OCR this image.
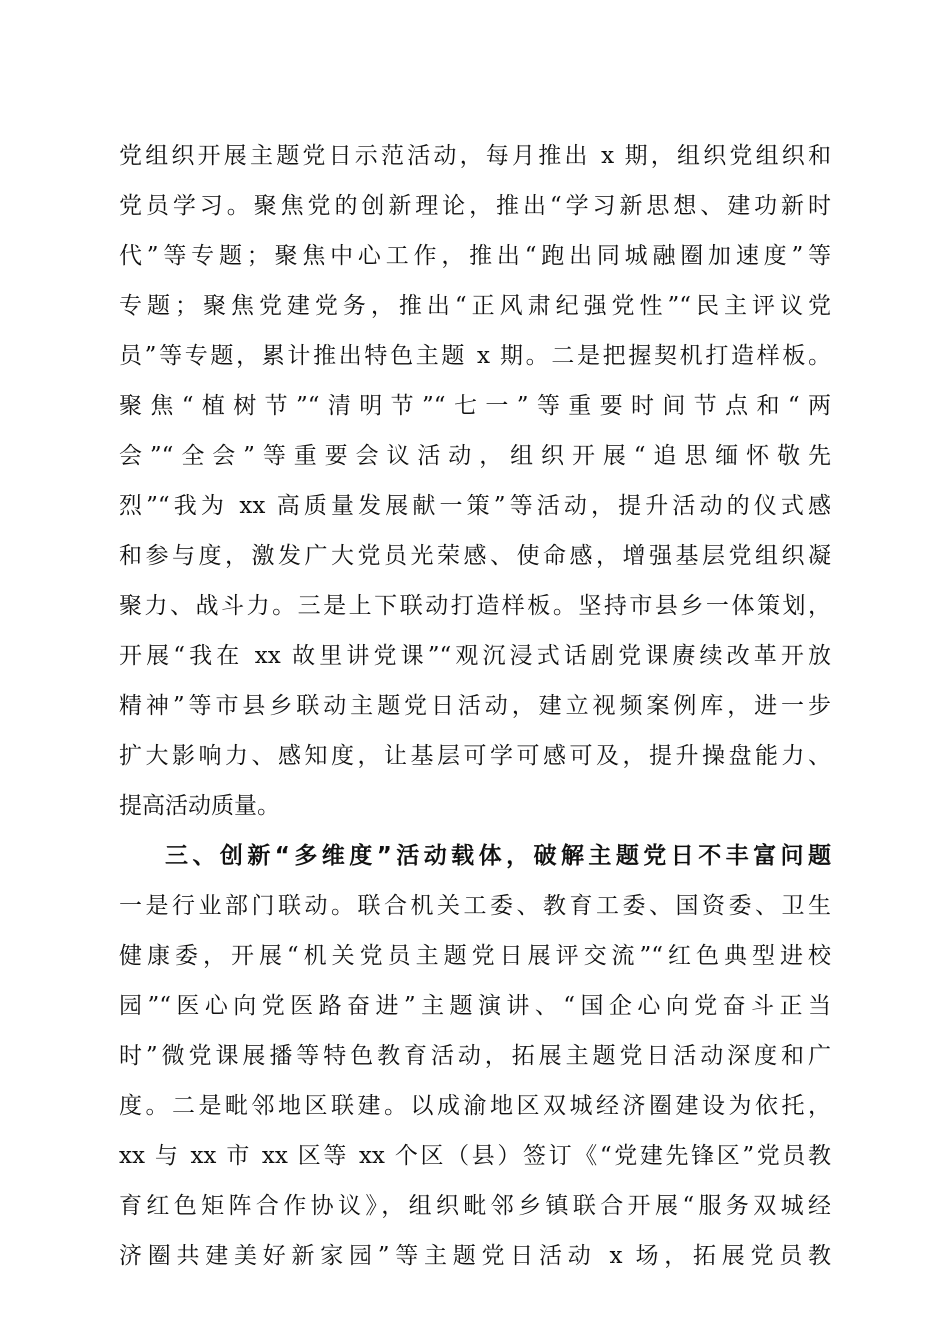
党组织开展主题党日示范活动，每月推出 x 期，组织党组织和
党员学习。聚焦党的创新理论，推出“学习新思想、建功新时
代”等专题；聚焦中心工作，推出“跑出同城融圈加速度”等
专题；聚焦党建党务，推出“正风肃纪强党性”“民主评议党
员”等专题，累计推出特色主题 x 期。二是把握契机打造样板。
聚焦“植树节”“清明节”“七一”等重要时间节点和“两
会”“全会”等重要会议活动，组织开展“追思缅怀敬先
烈”“我为 xx 高质量发展献一策”等活动，提升活动的仪式感
和参与度，激发广大党员光荣感、使命感，增强基层党组织凝
聚力、战斗力。三是上下联动打造样板。坚持市县乡一体策划，
开展“我在 xx 故里讲党课”“观沉浸式话剧党课赓续改革开放
精神”等市县乡联动主题党日活动，建立视频案例库，进一步
扩大影响力、感知度，让基层可学可感可及，提升操盘能力、
提高活动质量。
三、创新“多维度”活动载体，破解主题党日不丰富问题
一是行业部门联动。联合机关工委、教育工委、国资委、卫生
健康委，开展“机关党员主题党日展评交流”“红色典型进校
园”“医心向党医路奋进”主题演讲、“国企心向党奋斗正当
时”微党课展播等特色教育活动，拓展主题党日活动深度和广
度。二是毗邻地区联建。以成渝地区双城经济圈建设为依托，
xx 与 xx 市 xx 区等 xx 个区（县）签订《“党建先锋区”党员教
育红色矩阵合作协议》，组织毗邻乡镇联合开展“服务双城经
济圈共建美好新家园”等主题党日活动 x 场，拓展党员教
